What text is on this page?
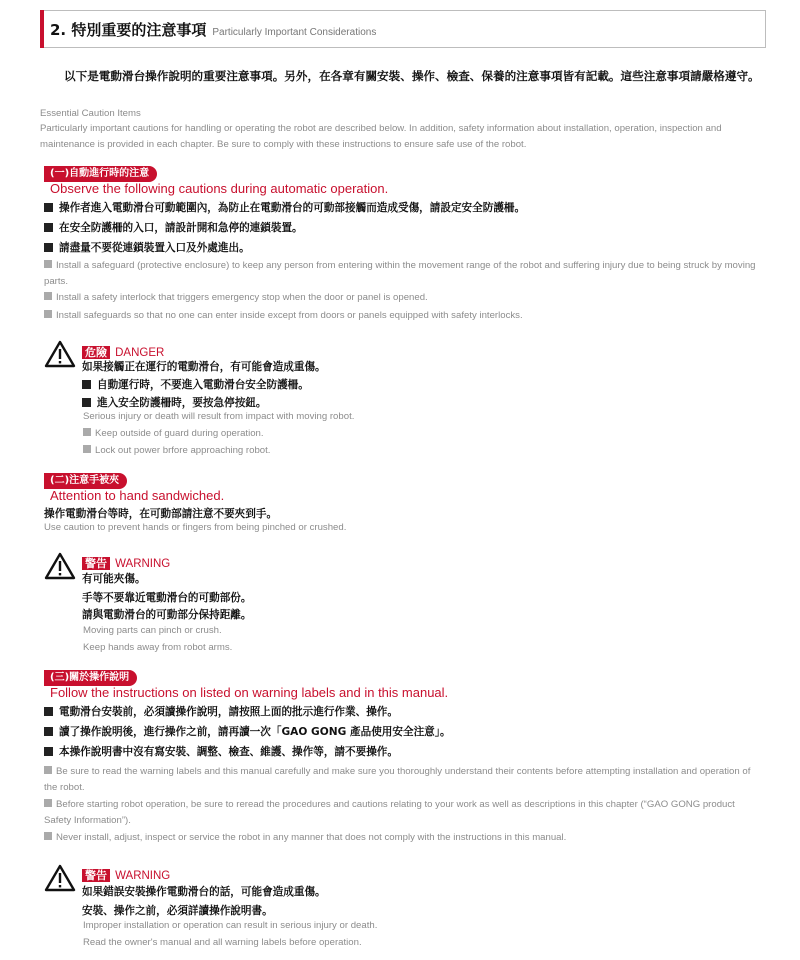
2. 特別重要的注意事項 Particularly Important Considerations
以下是電動滑台操作說明的重要注意事項。另外，在各章有關安裝、操作、檢查、保養的注意事項皆有記載。這些注意事項請嚴格遵守。
Essential Caution Items
Particularly important cautions for handling or operating the robot are described below. In addition, safety information about installation, operation, inspection and maintenance is provided in each chapter. Be sure to comply with these instructions to ensure safe use of the robot.
(一)自動進行時的注意
Observe the following cautions during automatic operation.
操作者進入電動滑台可動範圍內，為防止在電動滑台的可動部接觸而造成受傷，請設定安全防護柵。
在安全防護柵的入口，請設計開和急停的連鎖裝置。
請盡量不要從連鎖裝置入口及外處進出。
Install a safeguard (protective enclosure) to keep any person from entering within the movement range of the robot and suffering injury due to being struck by moving parts.
Install a safety interlock that triggers emergency stop when the door or panel is opened.
Install safeguards so that no one can enter inside except from doors or panels equipped with safety interlocks.
危險 DANGER
如果接觸正在運行的電動滑台，有可能會造成重傷。
自動運行時，不要進入電動滑台安全防護柵。
進入安全防護柵時，要按急停按鈕。
Serious injury or death will result from impact with moving robot.
Keep outside of guard during operation.
Lock out power brfore approaching robot.
(二)注意手被夾
Attention to hand sandwiched.
操作電動滑台等時，在可動部請注意不要夾到手。
Use caution to prevent hands or fingers from being pinched or crushed.
警告 WARNING
有可能夾傷。
手等不要靠近電動滑台的可動部份。
請與電動滑台的可動部分保持距離。
Moving parts can pinch or crush.
Keep hands away from robot arms.
(三)關於操作說明
Follow the instructions on listed on warning labels and in this manual.
電動滑台安裝前，必須讀操作說明，請按照上面的批示進行作業、操作。
讀了操作說明後，進行操作之前，請再讀一次「GAO GONG 產品使用安全注意」。
本操作說明書中沒有寫安裝、調整、檢查、維護、操作等，請不要操作。
Be sure to read the warning labels and this manual carefully and make sure you thoroughly understand their contents before attempting installation and operation of the robot.
Before starting robot operation, be sure to reread the procedures and cautions relating to your work as well as descriptions in this chapter (“GAO GONG product Safety Information”).
Never install, adjust, inspect or service the robot in any manner that does not comply with the instructions in this manual.
警告 WARNING
如果錯誤安裝操作電動滑台的話，可能會造成重傷。
安裝、操作之前，必須詳讀操作說明書。
Improper installation or operation can result in serious injury or death.
Read the owner's manual and all warning labels before operation.
